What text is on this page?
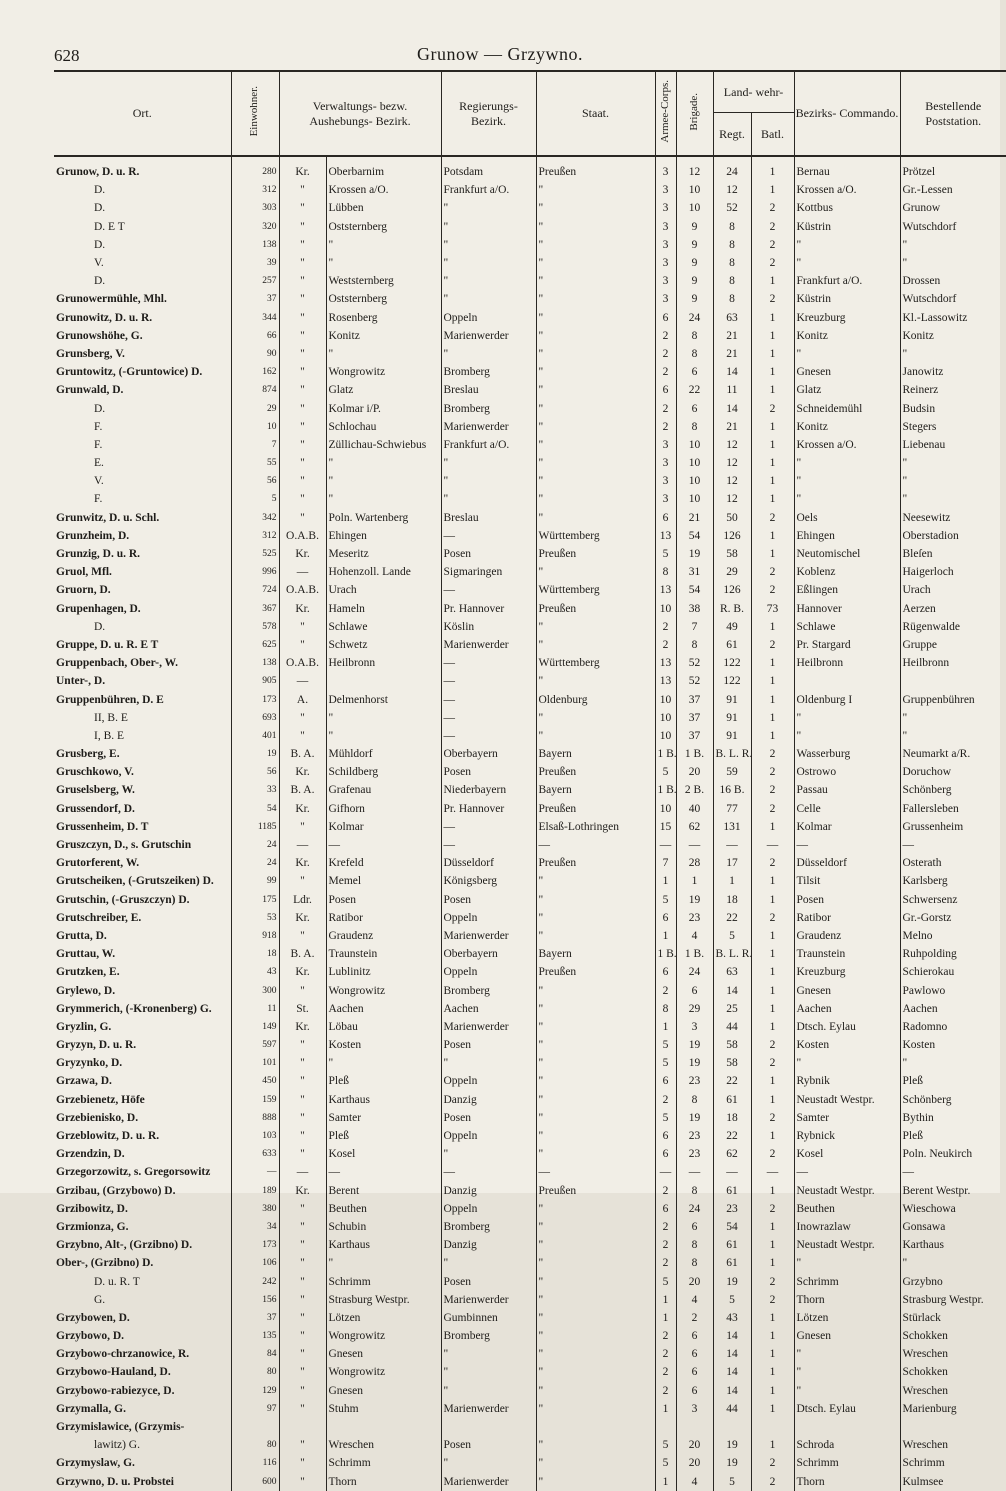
628	Grunow — Grzywno.
Ort.	Einwohner.	Verwaltungs- bezw. Aushebungs- Bezirk.		Regierungs- Bezirk.	Staat.	Armee-Corps.	Brigade.	Land- wehr-		Bezirks- Commando.	Bestellende Poststation.
								Regt.	Batl.		
Grunow, D. u. R.	280	Kr.	Oberbarnim	Potsdam	Preußen	3	12	24	1	Bernau	Prötzel
D.	312	"	Krossen a/O.	Frankfurt a/O.	"	3	10	12	1	Krossen a/O.	Gr.-Lessen
D.	303	"	Lübben	"	"	3	10	52	2	Kottbus	Grunow
D. E T	320	"	Oststernberg	"	"	3	9	8	2	Küstrin	Wutschdorf
D.	138	"	"	"	"	3	9	8	2	"	"
V.	39	"	"	"	"	3	9	8	2	"	"
D.	257	"	Weststernberg	"	"	3	9	8	1	Frankfurt a/O.	Drossen
Grunowermühle, Mhl.	37	"	Oststernberg	"	"	3	9	8	2	Küstrin	Wutschdorf
Grunowitz, D. u. R.	344	"	Rosenberg	Oppeln	"	6	24	63	1	Kreuzburg	Kl.-Lassowitz
Grunowshöhe, G.	66	"	Konitz	Marienwerder	"	2	8	21	1	Konitz	Konitz
Grunsberg, V.	90	"	"	"	"	2	8	21	1	"	"
Gruntowitz, (-Gruntowice) D.	162	"	Wongrowitz	Bromberg	"	2	6	14	1	Gnesen	Janowitz
Grunwald, D.	874	"	Glatz	Breslau	"	6	22	11	1	Glatz	Reinerz
D.	29	"	Kolmar i/P.	Bromberg	"	2	6	14	2	Schneidemühl	Budsin
F.	10	"	Schlochau	Marienwerder	"	2	8	21	1	Konitz	Stegers
F.	7	"	Züllichau-Schwiebus	Frankfurt a/O.	"	3	10	12	1	Krossen a/O.	Liebenau
E.	55	"	"	"	"	3	10	12	1	"	"
V.	56	"	"	"	"	3	10	12	1	"	"
F.	5	"	"	"	"	3	10	12	1	"	"
Grunwitz, D. u. Schl.	342	"	Poln. Wartenberg	Breslau	"	6	21	50	2	Oels	Neesewitz
Grunzheim, D.	312	O.A.B.	Ehingen	—	Württemberg	13	54	126	1	Ehingen	Oberstadion
Grunzig, D. u. R.	525	Kr.	Meseritz	Posen	Preußen	5	19	58	1	Neutomischel	Bleſen
Gruol, Mfl.	996	—	Hohenzoll. Lande	Sigmaringen	"	8	31	29	2	Koblenz	Haigerloch
Gruorn, D.	724	O.A.B.	Urach	—	Württemberg	13	54	126	2	Eßlingen	Urach
Grupenhagen, D.	367	Kr.	Hameln	Pr. Hannover	Preußen	10	38	R. B.	73	Hannover	Aerzen
D.	578	"	Schlawe	Köslin	"	2	7	49	1	Schlawe	Rügenwalde
Gruppe, D. u. R. E T	625	"	Schwetz	Marienwerder	"	2	8	61	2	Pr. Stargard	Gruppe
Gruppenbach, Ober-, W.	138	O.A.B.	Heilbronn	—	Württemberg	13	52	122	1	Heilbronn	Heilbronn
Unter-, D.	905	—		—	"	13	52	122	1		
Gruppenbühren, D. E	173	A.	Delmenhorst	—	Oldenburg	10	37	91	1	Oldenburg I	Gruppenbühren
II, B. E	693	"	"	—	"	10	37	91	1	"	"
I, B. E	401	"	"	—	"	10	37	91	1	"	"
Grusberg, E.	19	B. A.	Mühldorf	Oberbayern	Bayern	1 B.	1 B.	B. L. R.	2	Wasserburg	Neumarkt a/R.
Gruschkowo, V.	56	Kr.	Schildberg	Posen	Preußen	5	20	59	2	Ostrowo	Doruchow
Gruselsberg, W.	33	B. A.	Grafenau	Niederbayern	Bayern	1 B.	2 B.	16 B.	2	Passau	Schönberg
Grussendorf, D.	54	Kr.	Gifhorn	Pr. Hannover	Preußen	10	40	77	2	Celle	Fallersleben
Grussenheim, D. T	1185	"	Kolmar	—	Elsaß-Lothringen	15	62	131	1	Kolmar	Grussenheim
Gruszczyn, D., s. Grutschin	24	—	—	—	—	—	—	—	—	—	—
Grutorferent, W.	24	Kr.	Krefeld	Düsseldorf	Preußen	7	28	17	2	Düsseldorf	Osterath
Grutscheiken, (-Grutszeiken) D.	99	"	Memel	Königsberg	"	1	1	1	1	Tilsit	Karlsberg
Grutschin, (-Gruszczyn) D.	175	Ldr.	Posen	Posen	"	5	19	18	1	Posen	Schwersenz
Grutschreiber, E.	53	Kr.	Ratibor	Oppeln	"	6	23	22	2	Ratibor	Gr.-Gorstz
Grutta, D.	918	"	Graudenz	Marienwerder	"	1	4	5	1	Graudenz	Melno
Gruttau, W.	18	B. A.	Traunstein	Oberbayern	Bayern	1 B.	1 B.	B. L. R.	1	Traunstein	Ruhpolding
Grutzken, E.	43	Kr.	Lublinitz	Oppeln	Preußen	6	24	63	1	Kreuzburg	Schierokau
Grylewo, D.	300	"	Wongrowitz	Bromberg	"	2	6	14	1	Gnesen	Pawlowo
Grymmerich, (-Kronenberg) G.	11	St.	Aachen	Aachen	"	8	29	25	1	Aachen	Aachen
Gryzlin, G.	149	Kr.	Löbau	Marienwerder	"	1	3	44	1	Dtsch. Eylau	Radomno
Gryzyn, D. u. R.	597	"	Kosten	Posen	"	5	19	58	2	Kosten	Kosten
Gryzynko, D.	101	"	"	"	"	5	19	58	2	"	"
Grzawa, D.	450	"	Pleß	Oppeln	"	6	23	22	1	Rybnik	Pleß
Grzebienetz, Höfe	159	"	Karthaus	Danzig	"	2	8	61	1	Neustadt Westpr.	Schönberg
Grzebienisko, D.	888	"	Samter	Posen	"	5	19	18	2	Samter	Bythin
Grzeblowitz, D. u. R.	103	"	Pleß	Oppeln	"	6	23	22	1	Rybnick	Pleß
Grzendzin, D.	633	"	Kosel	"	"	6	23	62	2	Kosel	Poln. Neukirch
Grzegorzowitz, s. Gregorsowitz	—	—	—	—	—	—	—	—	—	—	—
Grzibau, (Grzybowo) D.	189	Kr.	Berent	Danzig	Preußen	2	8	61	1	Neustadt Westpr.	Berent Westpr.
Grzibowitz, D.	380	"	Beuthen	Oppeln	"	6	24	23	2	Beuthen	Wieschowa
Grzmionza, G.	34	"	Schubin	Bromberg	"	2	6	54	1	Inowrazlaw	Gonsawa
Grzybno, Alt-, (Grzibno) D.	173	"	Karthaus	Danzig	"	2	8	61	1	Neustadt Westpr.	Karthaus
Ober-, (Grzibno) D.	106	"	"	"	"	2	8	61	1	"	"
D. u. R. T	242	"	Schrimm	Posen	"	5	20	19	2	Schrimm	Grzybno
G.	156	"	Strasburg Westpr.	Marienwerder	"	1	4	5	2	Thorn	Strasburg Westpr.
Grzybowen, D.	37	"	Lötzen	Gumbinnen	"	1	2	43	1	Lötzen	Stürlack
Grzybowo, D.	135	"	Wongrowitz	Bromberg	"	2	6	14	1	Gnesen	Schokken
Grzybowo-chrzanowice, R.	84	"	Gnesen	"	"	2	6	14	1	"	Wreschen
Grzybowo-Hauland, D.	80	"	Wongrowitz	"	"	2	6	14	1	"	Schokken
Grzybowo-rabiezyce, D.	129	"	Gnesen	"	"	2	6	14	1	"	Wreschen
Grzymalla, G.	97	"	Stuhm	Marienwerder	"	1	3	44	1	Dtsch. Eylau	Marienburg
Grzymislawice, (Grzymis-											
lawitz) G.	80	"	Wreschen	Posen	"	5	20	19	1	Schroda	Wreschen
Grzymyslaw, G.	116	"	Schrimm	"	"	5	20	19	2	Schrimm	Schrimm
Grzywno, D. u. Probstei	600	"	Thorn	Marienwerder	"	1	4	5	2	Thorn	Kulmsee
